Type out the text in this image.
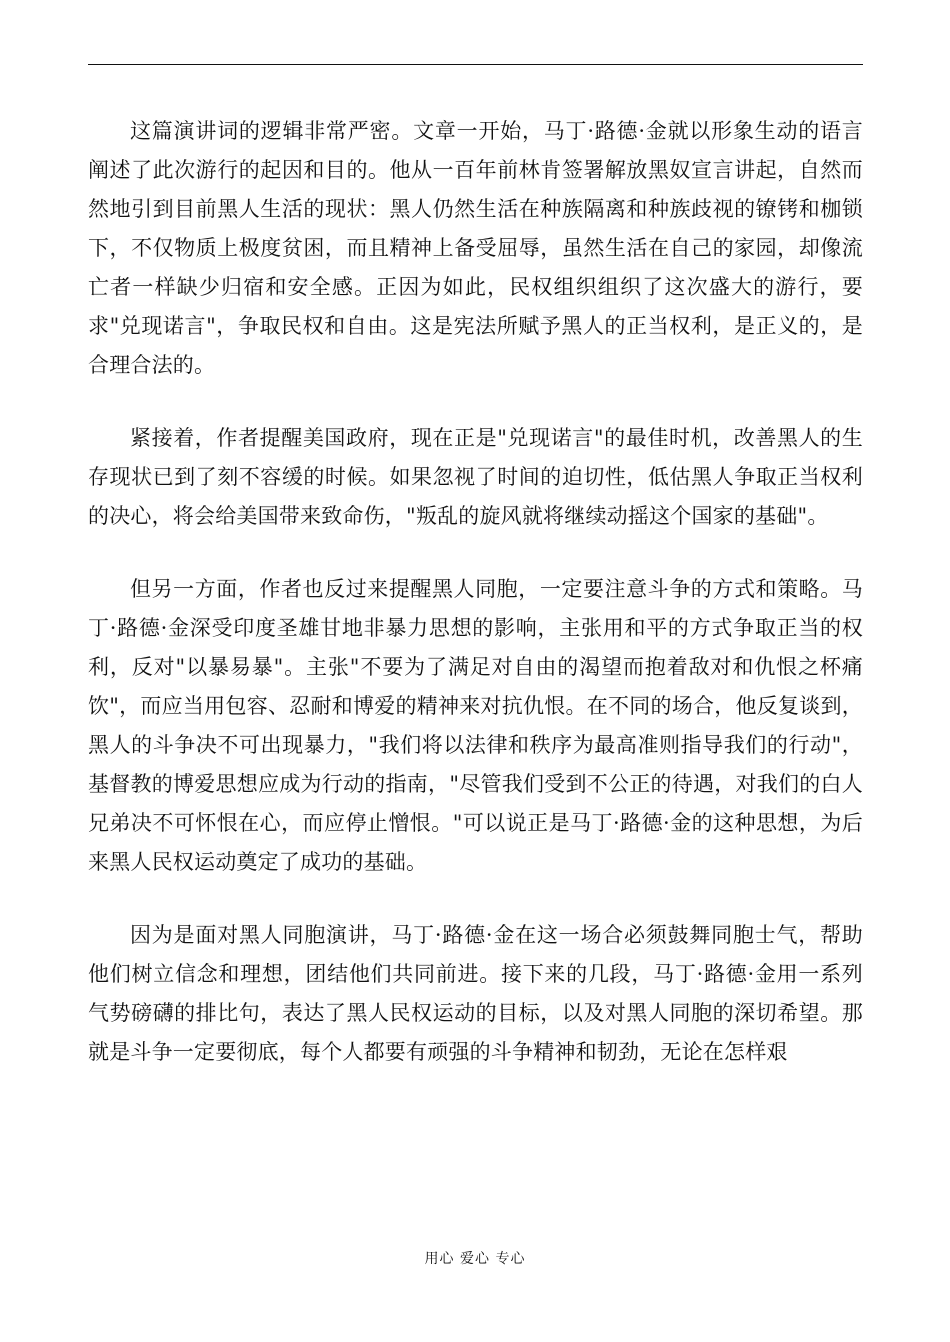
这篇演讲词的逻辑非常严密。文章一开始，马丁·路德·金就以形象生动的语言阐述了此次游行的起因和目的。他从一百年前林肯签署解放黑奴宣言讲起，自然而然地引到目前黑人生活的现状：黑人仍然生活在种族隔离和种族歧视的镣铐和枷锁下，不仅物质上极度贫困，而且精神上备受屈辱，虽然生活在自己的家园，却像流亡者一样缺少归宿和安全感。正因为如此，民权组织组织了这次盛大的游行，要求"兑现诺言"，争取民权和自由。这是宪法所赋予黑人的正当权利，是正义的，是合理合法的。

紧接着，作者提醒美国政府，现在正是"兑现诺言"的最佳时机，改善黑人的生存现状已到了刻不容缓的时候。如果忽视了时间的迫切性，低估黑人争取正当权利的决心，将会给美国带来致命伤，"叛乱的旋风就将继续动摇这个国家的基础"。

但另一方面，作者也反过来提醒黑人同胞，一定要注意斗争的方式和策略。马丁·路德·金深受印度圣雄甘地非暴力思想的影响，主张用和平的方式争取正当的权利，反对"以暴易暴"。主张"不要为了满足对自由的渴望而抱着敌对和仇恨之杯痛饮"，而应当用包容、忍耐和博爱的精神来对抗仇恨。在不同的场合，他反复谈到，黑人的斗争决不可出现暴力，"我们将以法律和秩序为最高准则指导我们的行动"，基督教的博爱思想应成为行动的指南，"尽管我们受到不公正的待遇，对我们的白人兄弟决不可怀恨在心，而应停止憎恨。"可以说正是马丁·路德·金的这种思想，为后来黑人民权运动奠定了成功的基础。

因为是面对黑人同胞演讲，马丁·路德·金在这一场合必须鼓舞同胞士气，帮助他们树立信念和理想，团结他们共同前进。接下来的几段，马丁·路德·金用一系列气势磅礴的排比句，表达了黑人民权运动的目标，以及对黑人同胞的深切希望。那就是斗争一定要彻底，每个人都要有顽强的斗争精神和韧劲，无论在怎样艰

用心 爱心 专心
